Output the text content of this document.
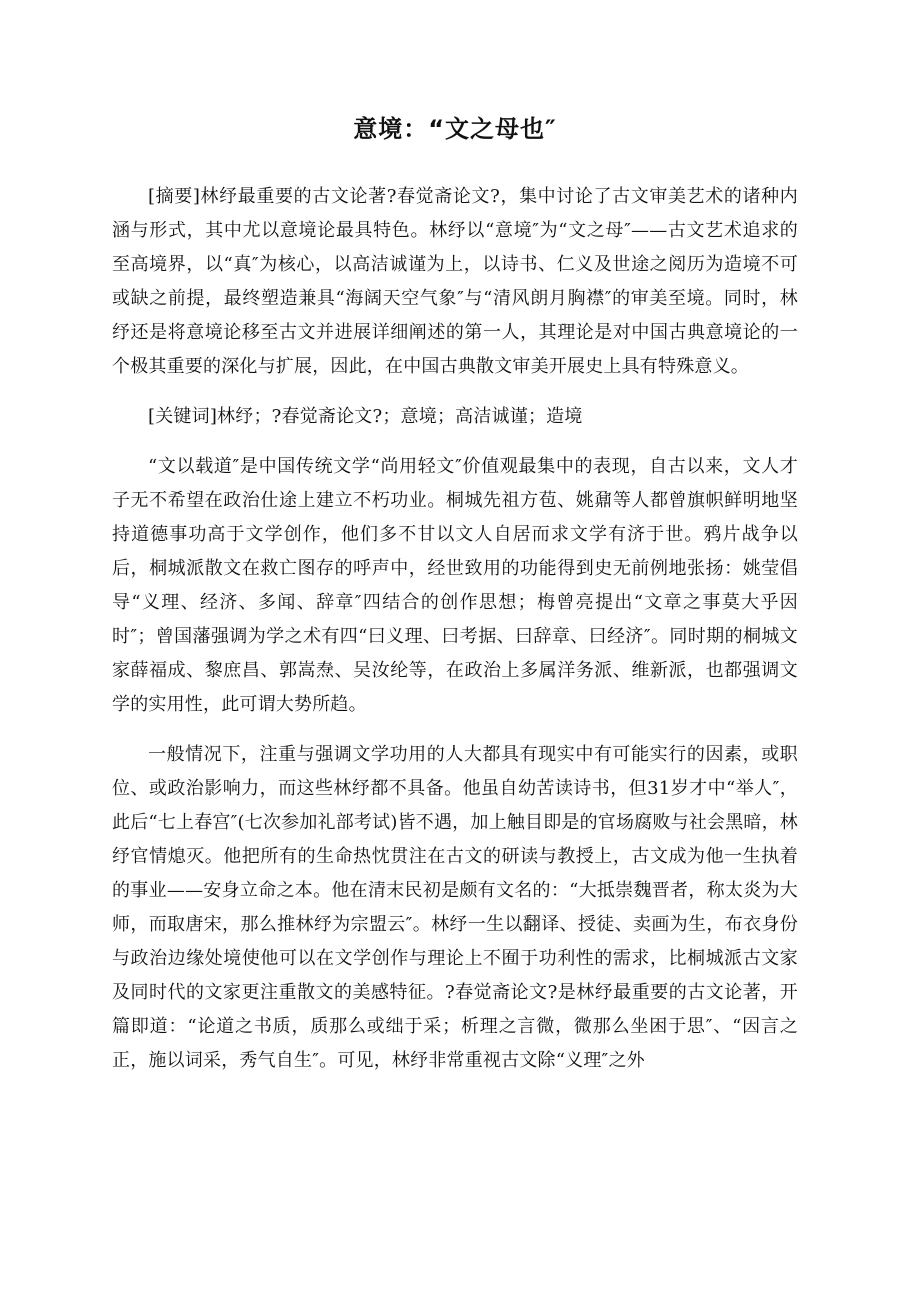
意境：“文之母也″

[摘要]林纾最重要的古文论著?春觉斋论文?，集中讨论了古文审美艺术的诸种内涵与形式，其中尤以意境论最具特色。林纾以“意境″为“文之母″——古文艺术追求的至高境界，以“真″为核心，以高洁诚谨为上，以诗书、仁义及世途之阅历为造境不可或缺之前提，最终塑造兼具“海阔天空气象″与“清风朗月胸襟″的审美至境。同时，林纾还是将意境论移至古文并进展详细阐述的第一人，其理论是对中国古典意境论的一个极其重要的深化与扩展，因此，在中国古典散文审美开展史上具有特殊意义。

[关键词]林纾；?春觉斋论文?；意境；高洁诚谨；造境

“文以载道″是中国传统文学“尚用轻文″价值观最集中的表现，自古以来，文人才子无不希望在政治仕途上建立不朽功业。桐城先祖方苞、姚鼐等人都曾旗帜鲜明地坚持道德事功高于文学创作，他们多不甘以文人自居而求文学有济于世。鸦片战争以后，桐城派散文在救亡图存的呼声中，经世致用的功能得到史无前例地张扬：姚莹倡导“义理、经济、多闻、辞章″四结合的创作思想；梅曾亮提出“文章之事莫大乎因时″；曾国藩强调为学之术有四“曰义理、曰考据、曰辞章、曰经济″。同时期的桐城文家薛福成、黎庶昌、郭嵩焘、吴汝纶等，在政治上多属洋务派、维新派，也都强调文学的实用性，此可谓大势所趋。

一般情况下，注重与强调文学功用的人大都具有现实中有可能实行的因素，或职位、或政治影响力，而这些林纾都不具备。他虽自幼苦读诗书，但31岁才中“举人″，此后“七上春宫″(七次参加礼部考试)皆不遇，加上触目即是的官场腐败与社会黑暗，林纾官情熄灭。他把所有的生命热忱贯注在古文的研读与教授上，古文成为他一生执着的事业——安身立命之本。他在清末民初是颇有文名的：“大抵崇魏晋者，称太炎为大师，而取唐宋，那么推林纾为宗盟云″。林纾一生以翻译、授徒、卖画为生，布衣身份与政治边缘处境使他可以在文学创作与理论上不囿于功利性的需求，比桐城派古文家及同时代的文家更注重散文的美感特征。?春觉斋论文?是林纾最重要的古文论著，开篇即道：“论道之书质，质那么或绌于采；析理之言微，微那么坐困于思″、“因言之正，施以词采，秀气自生″。可见，林纾非常重视古文除“义理″之外
